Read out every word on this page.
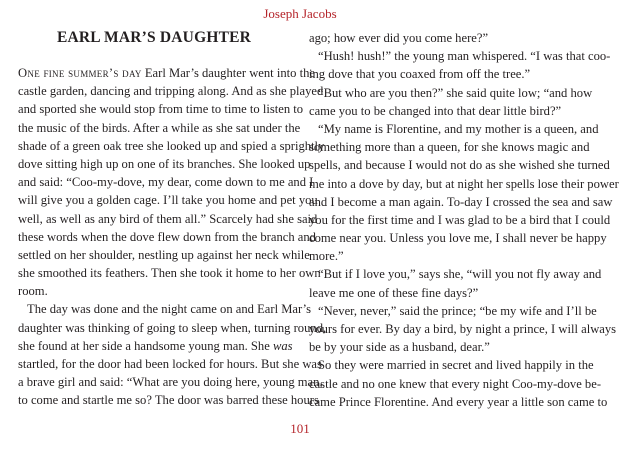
Joseph Jacobs
EARL MAR’S DAUGHTER
One fine summer’s day Earl Mar’s daughter went into the
castle garden, dancing and tripping along. And as she played
and sported she would stop from time to time to listen to
the music of the birds. After a while as she sat under the
shade of a green oak tree she looked up and spied a sprightly
dove sitting high up on one of its branches. She looked up
and said: “Coo-my-dove, my dear, come down to me and I
will give you a golden cage. I’ll take you home and pet you
well, as well as any bird of them all.” Scarcely had she said
these words when the dove flew down from the branch and
settled on her shoulder, nestling up against her neck while
she smoothed its feathers. Then she took it home to her own
room.
The day was done and the night came on and Earl Mar’s
daughter was thinking of going to sleep when, turning round,
she found at her side a handsome young man. She was
startled, for the door had been locked for hours. But she was
a brave girl and said: “What are you doing here, young man,
to come and startle me so? The door was barred these hours
ago; how ever did you come here?”
“Hush! hush!” the young man whispered. “I was that coo-
ing dove that you coaxed from off the tree.”
“But who are you then?” she said quite low; “and how
came you to be changed into that dear little bird?”
“My name is Florentine, and my mother is a queen, and
something more than a queen, for she knows magic and
spells, and because I would not do as she wished she turned
me into a dove by day, but at night her spells lose their power
and I become a man again. To-day I crossed the sea and saw
you for the first time and I was glad to be a bird that I could
come near you. Unless you love me, I shall never be happy
more.”
“But if I love you,” says she, “will you not fly away and
leave me one of these fine days?”
“Never, never,” said the prince; “be my wife and I’ll be
yours for ever. By day a bird, by night a prince, I will always
be by your side as a husband, dear.”
So they were married in secret and lived happily in the
castle and no one knew that every night Coo-my-dove be-
came Prince Florentine. And every year a little son came to
101
